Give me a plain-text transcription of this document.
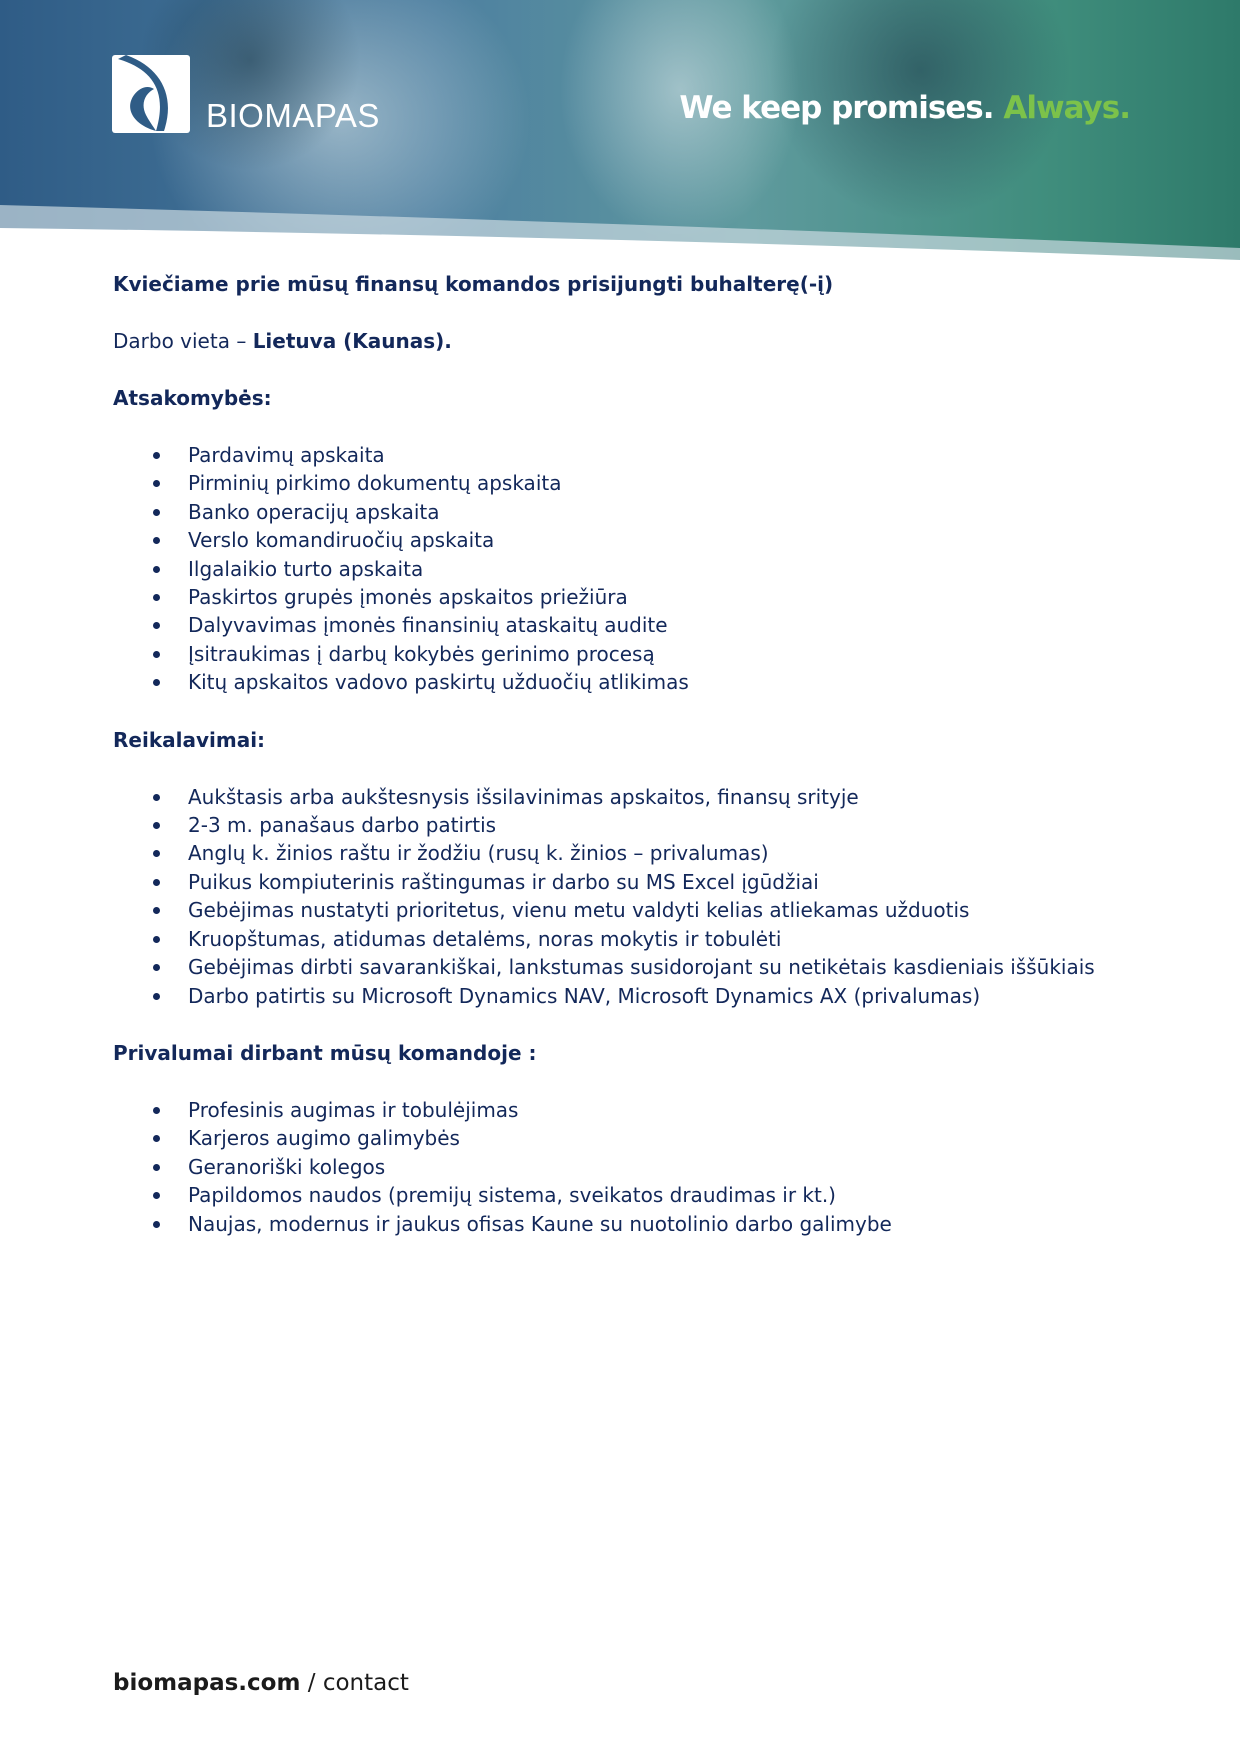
BIOMAPAS	We keep promises. Always.

Kviečiame prie mūsų finansų komandos prisijungti buhalterę(-į)

Darbo vieta – Lietuva (Kaunas).

Atsakomybės:

Pardavimų apskaita
Pirminių pirkimo dokumentų apskaita
Banko operacijų apskaita
Verslo komandiruočių apskaita
Ilgalaikio turto apskaita
Paskirtos grupės įmonės apskaitos priežiūra
Dalyvavimas įmonės finansinių ataskaitų audite
Įsitraukimas į darbų kokybės gerinimo procesą
Kitų apskaitos vadovo paskirtų užduočių atlikimas

Reikalavimai:

Aukštasis arba aukštesnysis išsilavinimas apskaitos, finansų srityje
2-3 m. panašaus darbo patirtis
Anglų k. žinios raštu ir žodžiu (rusų k. žinios – privalumas)
Puikus kompiuterinis raštingumas ir darbo su MS Excel įgūdžiai
Gebėjimas nustatyti prioritetus, vienu metu valdyti kelias atliekamas užduotis
Kruopštumas, atidumas detalėms, noras mokytis ir tobulėti
Gebėjimas dirbti savarankiškai, lankstumas susidorojant su netikėtais kasdieniais iššūkiais
Darbo patirtis su Microsoft Dynamics NAV, Microsoft Dynamics AX (privalumas)

Privalumai dirbant mūsų komandoje :

Profesinis augimas ir tobulėjimas
Karjeros augimo galimybės
Geranoriški kolegos
Papildomos naudos (premijų sistema, sveikatos draudimas ir kt.)
Naujas, modernus ir jaukus ofisas Kaune su nuotolinio darbo galimybe
biomapas.com / contact
